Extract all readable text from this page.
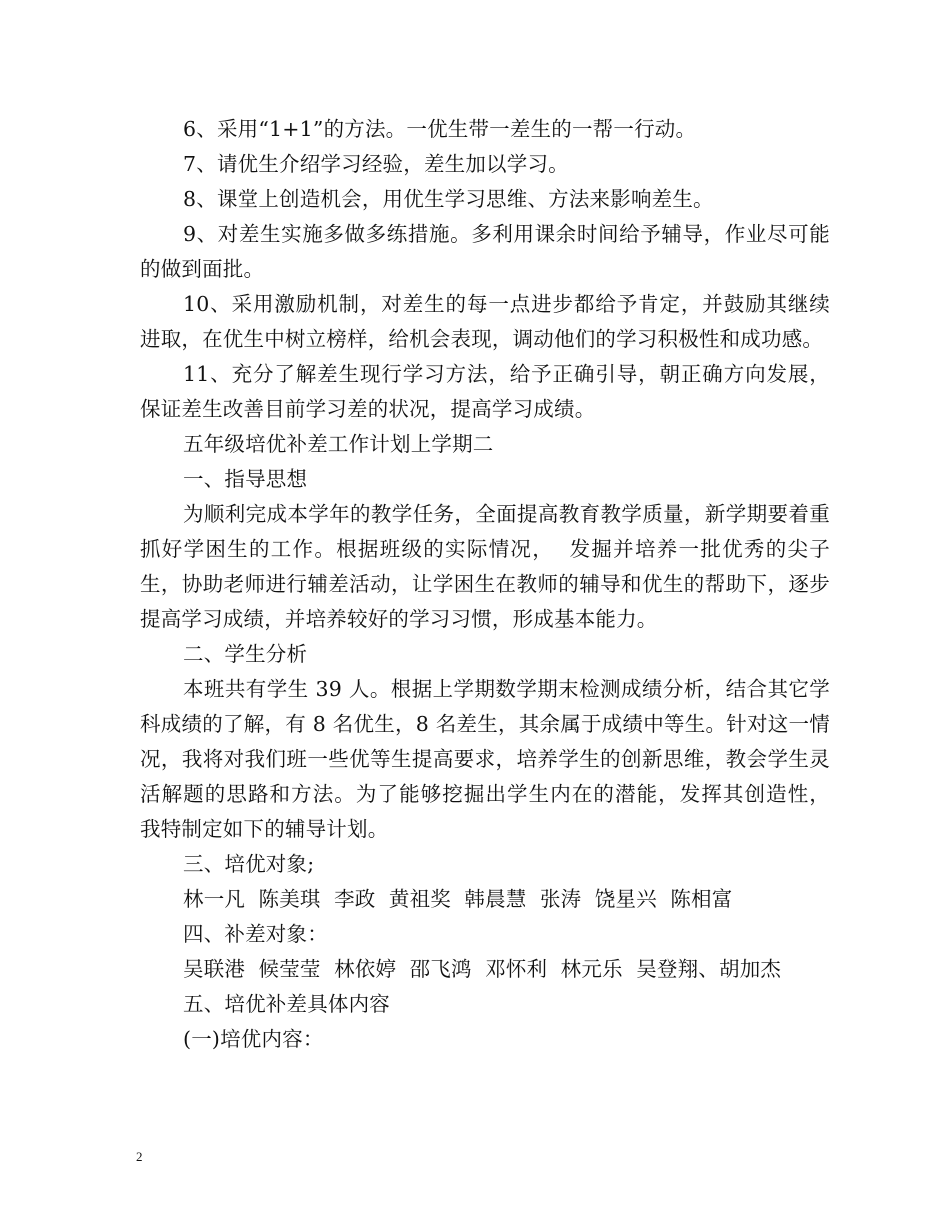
6、采用“1+1”的方法。一优生带一差生的一帮一行动。

7、请优生介绍学习经验，差生加以学习。

8、课堂上创造机会，用优生学习思维、方法来影响差生。

9、对差生实施多做多练措施。多利用课余时间给予辅导，作业尽可能的做到面批。

10、采用激励机制，对差生的每一点进步都给予肯定，并鼓励其继续进取，在优生中树立榜样，给机会表现，调动他们的学习积极性和成功感。

11、充分了解差生现行学习方法，给予正确引导，朝正确方向发展，保证差生改善目前学习差的状况，提高学习成绩。

五年级培优补差工作计划上学期二

一、指导思想

为顺利完成本学年的教学任务，全面提高教育教学质量，新学期要着重抓好学困生的工作。根据班级的实际情况，  发掘并培养一批优秀的尖子生，协助老师进行辅差活动，让学困生在教师的辅导和优生的帮助下，逐步提高学习成绩，并培养较好的学习习惯，形成基本能力。

二、学生分析

本班共有学生 39 人。根据上学期数学期末检测成绩分析，结合其它学科成绩的了解，有 8 名优生，8 名差生，其余属于成绩中等生。针对这一情况，我将对我们班一些优等生提高要求，培养学生的创新思维，教会学生灵活解题的思路和方法。为了能够挖掘出学生内在的潜能，发挥其创造性，  我特制定如下的辅导计划。

三、培优对象;

林一凡  陈美琪  李政  黄祖奖  韩晨慧  张涛  饶星兴  陈相富

四、补差对象：

吴联港  候莹莹  林依婷  邵飞鸿  邓怀利  林元乐  吴登翔、胡加杰

五、培优补差具体内容

(一)培优内容：

2
